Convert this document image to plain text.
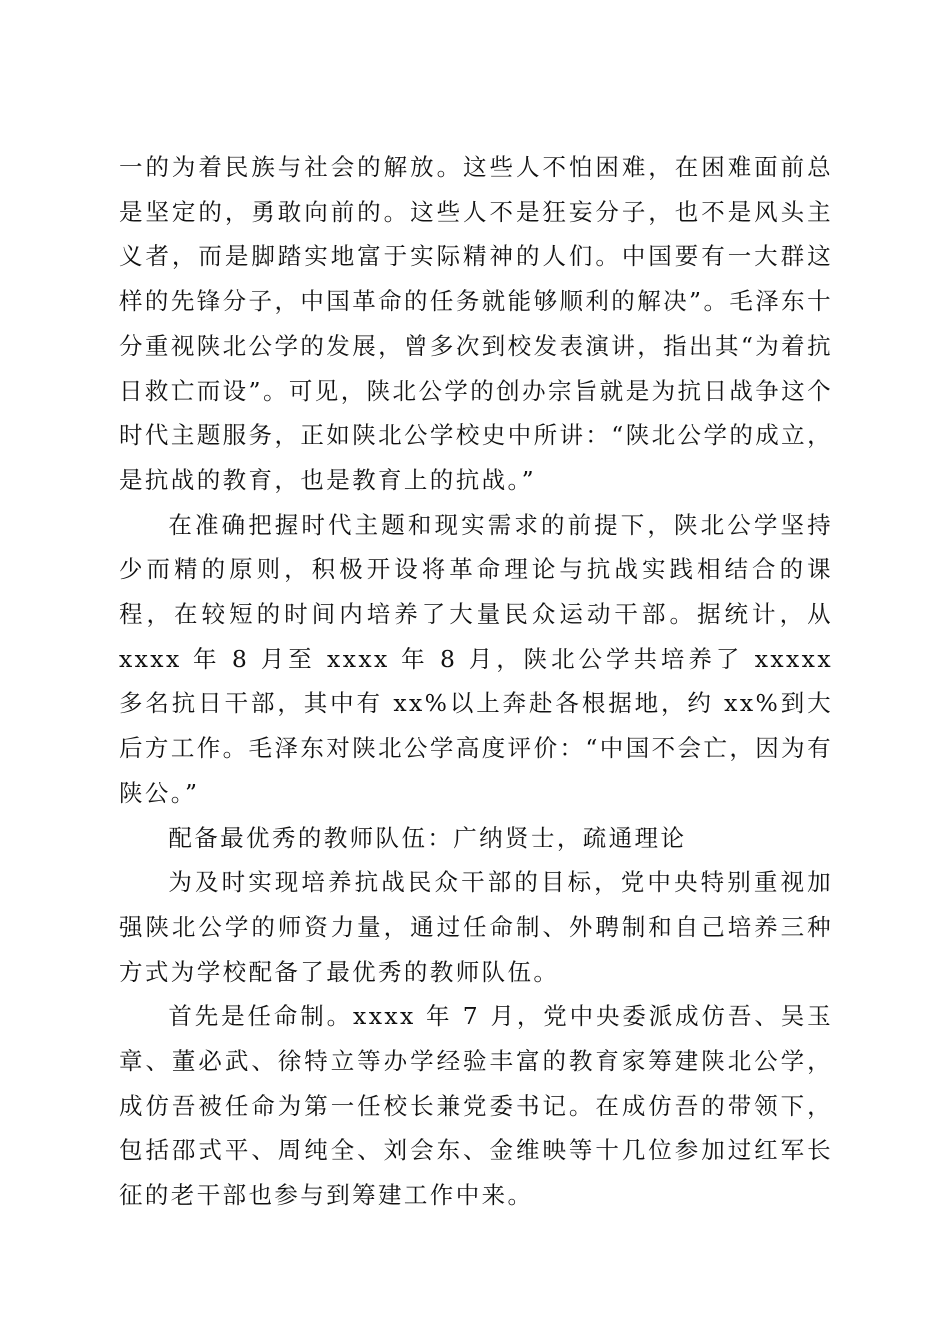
一的为着民族与社会的解放。这些人不怕困难，在困难面前总是坚定的，勇敢向前的。这些人不是狂妄分子，也不是风头主义者，而是脚踏实地富于实际精神的人们。中国要有一大群这样的先锋分子，中国革命的任务就能够顺利的解决”。毛泽东十分重视陕北公学的发展，曾多次到校发表演讲，指出其“为着抗日救亡而设”。可见，陕北公学的创办宗旨就是为抗日战争这个时代主题服务，正如陕北公学校史中所讲：“陕北公学的成立，是抗战的教育，也是教育上的抗战。”

在准确把握时代主题和现实需求的前提下，陕北公学坚持少而精的原则，积极开设将革命理论与抗战实践相结合的课程，在较短的时间内培养了大量民众运动干部。据统计，从 xxxx 年 8 月至 xxxx 年 8 月，陕北公学共培养了 xxxxx 多名抗日干部，其中有 xx%以上奔赴各根据地，约 xx%到大后方工作。毛泽东对陕北公学高度评价：“中国不会亡，因为有陕公。”

配备最优秀的教师队伍：广纳贤士，疏通理论

为及时实现培养抗战民众干部的目标，党中央特别重视加强陕北公学的师资力量，通过任命制、外聘制和自己培养三种方式为学校配备了最优秀的教师队伍。

首先是任命制。xxxx 年 7 月，党中央委派成仿吾、吴玉章、董必武、徐特立等办学经验丰富的教育家筹建陕北公学，成仿吾被任命为第一任校长兼党委书记。在成仿吾的带领下，包括邵式平、周纯全、刘会东、金维映等十几位参加过红军长征的老干部也参与到筹建工作中来。
